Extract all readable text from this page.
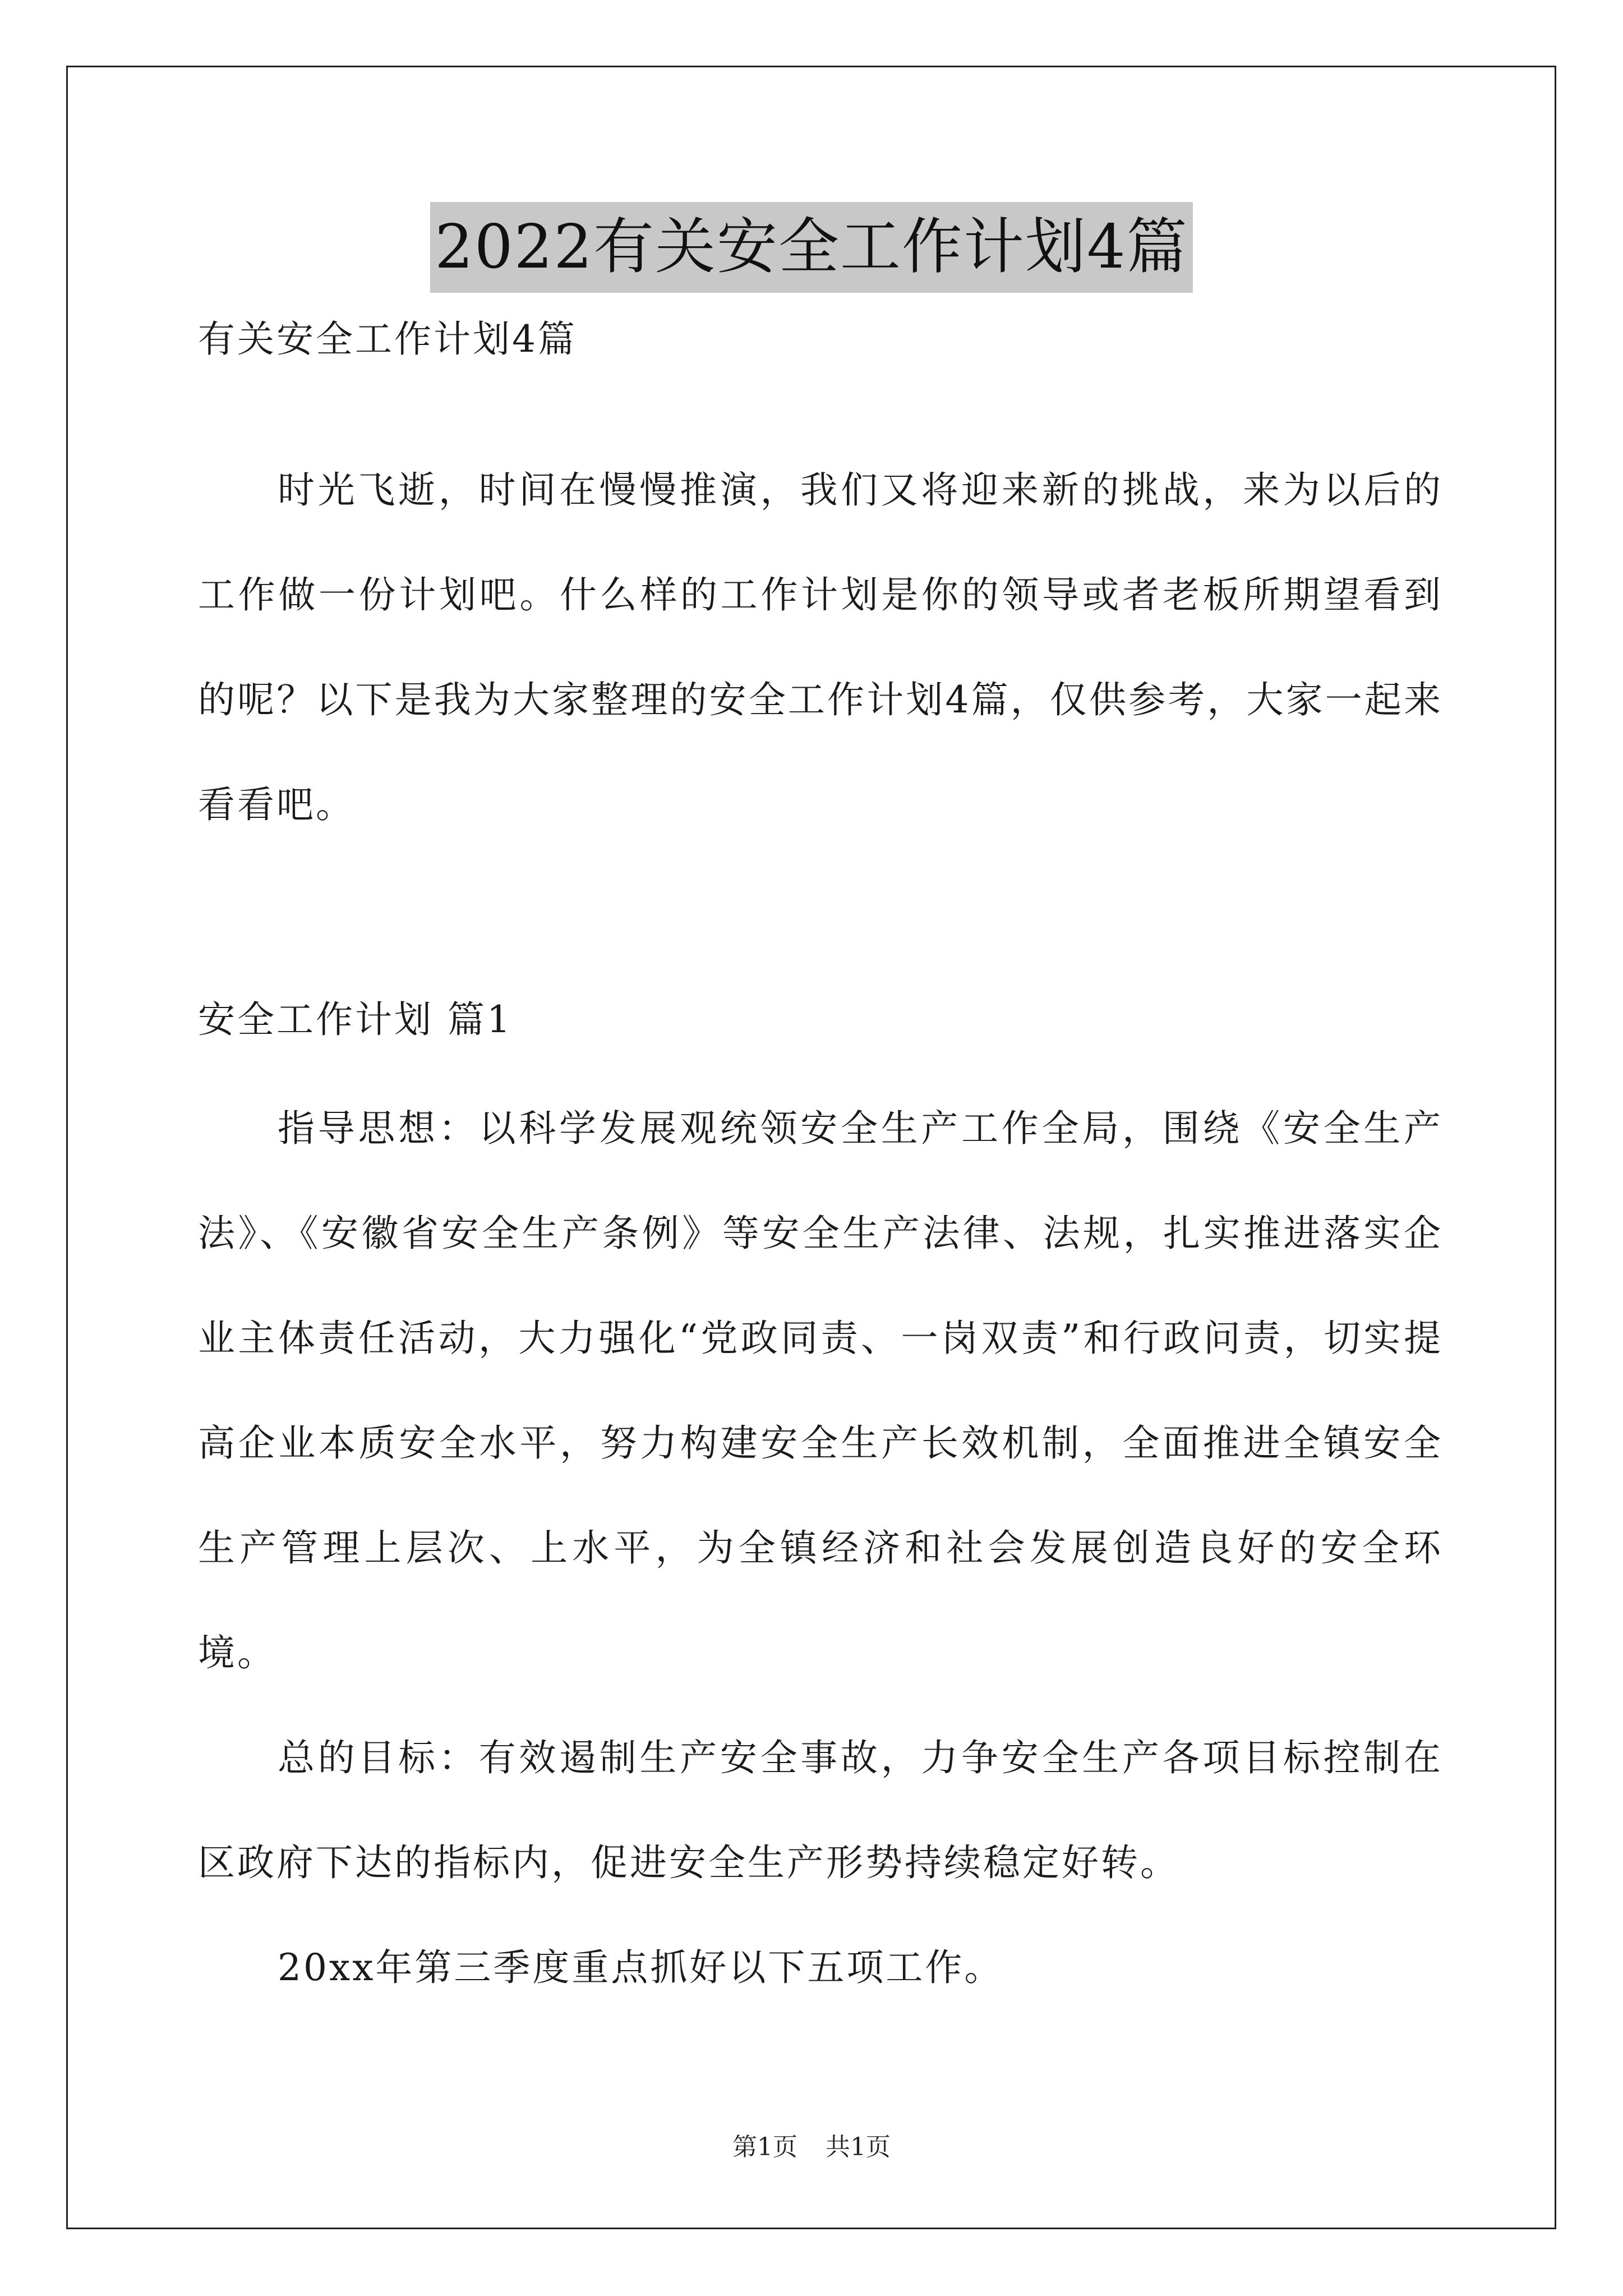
2022有关安全工作计划4篇
有关安全工作计划4篇

时光飞逝，时间在慢慢推演，我们又将迎来新的挑战，来为以后的工作做一份计划吧。什么样的工作计划是你的领导或者老板所期望看到的呢？以下是我为大家整理的安全工作计划4篇，仅供参考，大家一起来看看吧。

安全工作计划 篇1

指导思想：以科学发展观统领安全生产工作全局，围绕《安全生产法》、《安徽省安全生产条例》等安全生产法律、法规，扎实推进落实企业主体责任活动，大力强化“党政同责、一岗双责”和行政问责，切实提高企业本质安全水平，努力构建安全生产长效机制，全面推进全镇安全生产管理上层次、上水平，为全镇经济和社会发展创造良好的安全环境。

总的目标：有效遏制生产安全事故，力争安全生产各项目标控制在区政府下达的指标内，促进安全生产形势持续稳定好转。

20xx年第三季度重点抓好以下五项工作。

第1页 共1页
